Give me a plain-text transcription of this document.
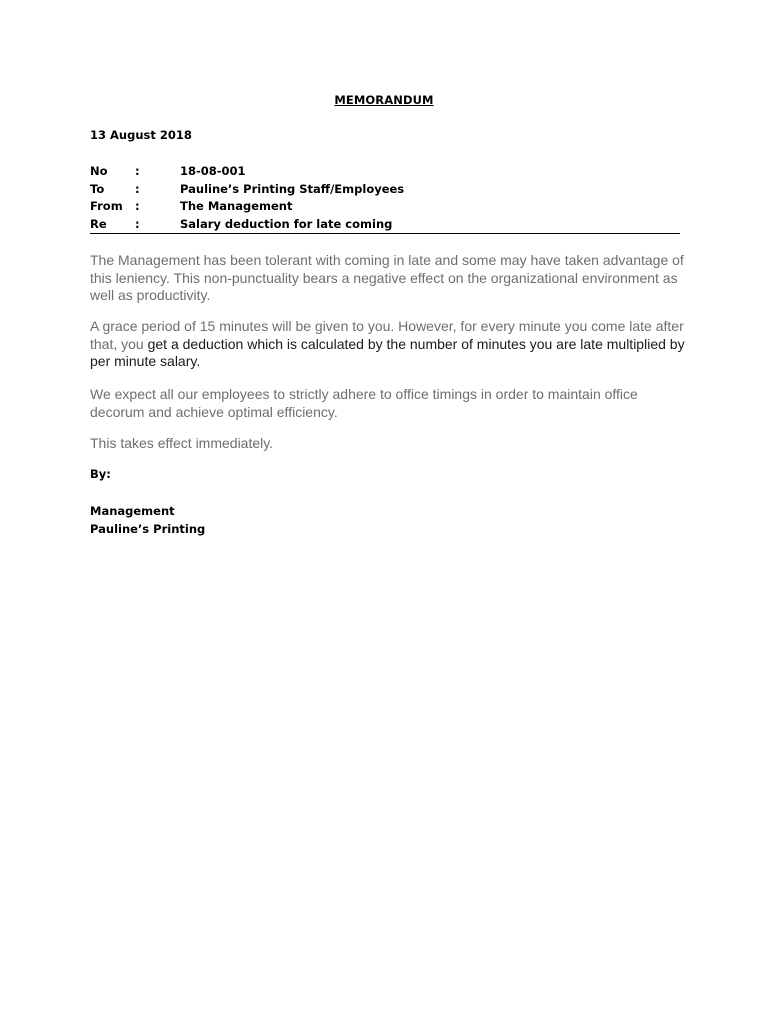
MEMORANDUM
13 August 2018
No	:	18-08-001
To	:	Pauline’s Printing Staff/Employees
From	:	The Management
Re	:	Salary deduction for late coming

The Management has been tolerant with coming in late and some may have taken advantage of this leniency. This non-punctuality bears a negative effect on the organizational environment as well as productivity.

A grace period of 15 minutes will be given to you. However, for every minute you come late after that, you get a deduction which is calculated by the number of minutes you are late multiplied by per minute salary.

We expect all our employees to strictly adhere to office timings in order to maintain office decorum and achieve optimal efficiency.

This takes effect immediately.

By:
Management
Pauline’s Printing
